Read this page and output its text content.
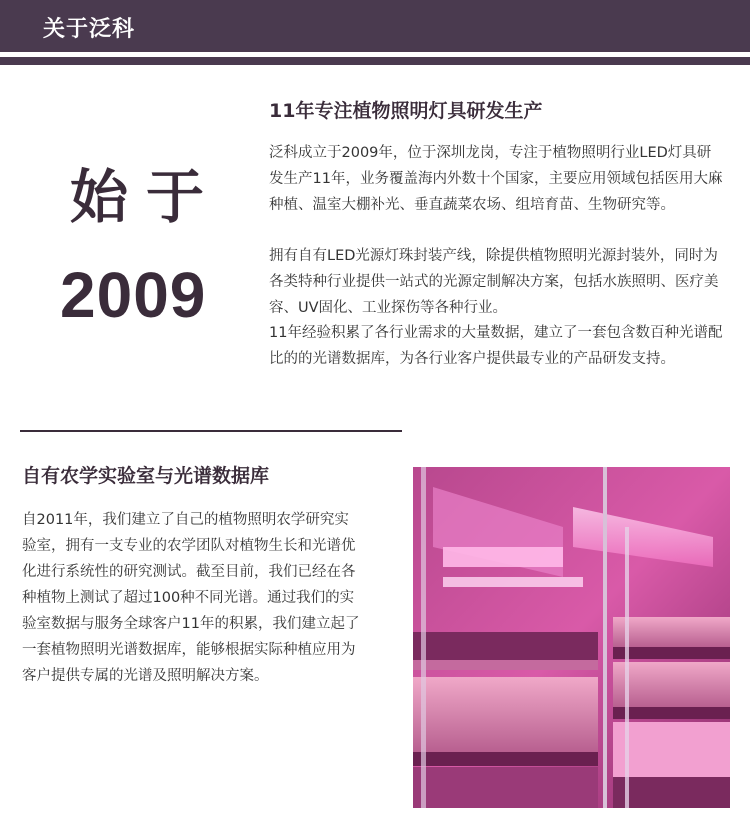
关于泛科
始于
2009
11年专注植物照明灯具研发生产
泛科成立于2009年，位于深圳龙岗，专注于植物照明行业LED灯具研发生产11年，业务覆盖海内外数十个国家，主要应用领域包括医用大麻种植、温室大棚补光、垂直蔬菜农场、组培育苗、生物研究等。
拥有自有LED光源灯珠封装产线，除提供植物照明光源封装外，同时为各类特种行业提供一站式的光源定制解决方案，包括水族照明、医疗美容、UV固化、工业探伤等各种行业。
11年经验积累了各行业需求的大量数据，建立了一套包含数百种光谱配比的的光谱数据库，为各行业客户提供最专业的产品研发支持。
自有农学实验室与光谱数据库
自2011年，我们建立了自己的植物照明农学研究实验室，拥有一支专业的农学团队对植物生长和光谱优化进行系统性的研究测试。截至目前，我们已经在各种植物上测试了超过100种不同光谱。通过我们的实验室数据与服务全球客户11年的积累，我们建立起了一套植物照明光谱数据库，能够根据实际种植应用为客户提供专属的光谱及照明解决方案。
